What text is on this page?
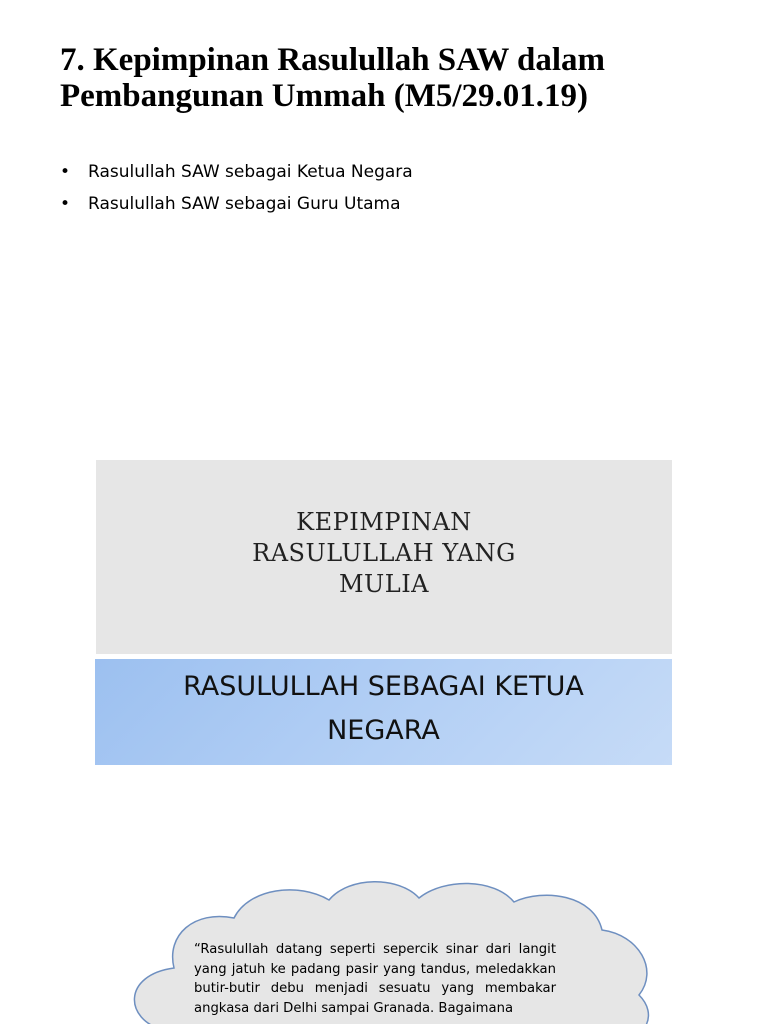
7. Kepimpinan Rasulullah SAW dalam
Pembangunan Ummah (M5/29.01.19)
• Rasulullah SAW sebagai Ketua Negara
• Rasulullah SAW sebagai Guru Utama
KEPIMPINAN
RASULULLAH YANG
MULIA
RASULULLAH SEBAGAI KETUA
NEGARA
“Rasulullah datang seperti sepercik sinar dari langit yang jatuh ke padang pasir yang tandus, meledakkan butir-butir debu menjadi sesuatu yang membakar angkasa dari Delhi sampai Granada. Bagaimana
